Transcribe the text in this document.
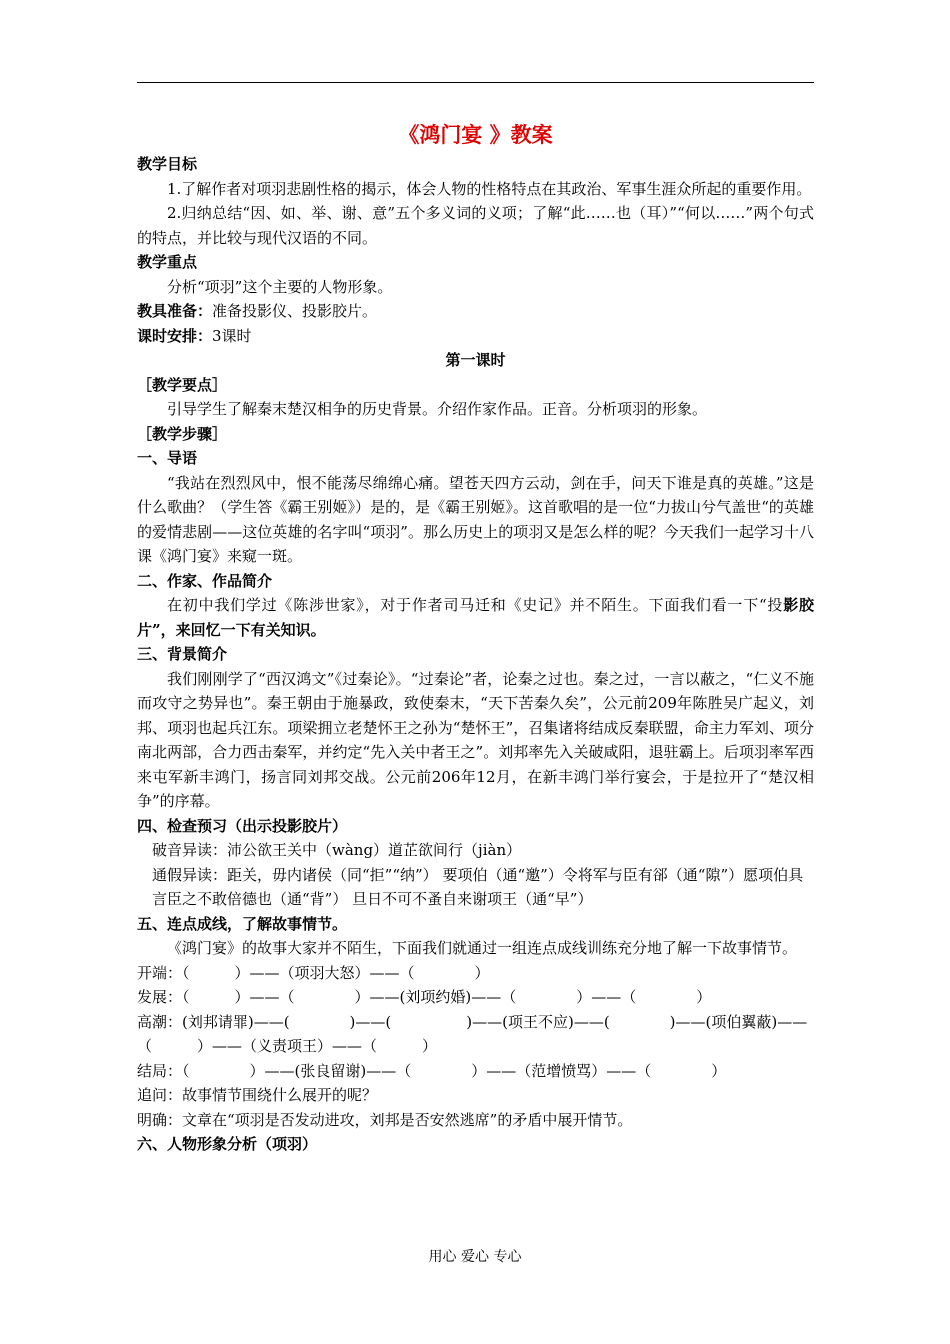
《鸿门宴 》教案
教学目标
1.了解作者对项羽悲剧性格的揭示，体会人物的性格特点在其政治、军事生涯众所起的重要作用。
2.归纳总结“因、如、举、谢、意”五个多义词的义项；了解“此……也（耳）”“何以……”两个句式的特点，并比较与现代汉语的不同。
教学重点
分析“项羽”这个主要的人物形象。
教具准备：准备投影仪、投影胶片。
课时安排：3课时
第一课时
［教学要点］
引导学生了解秦末楚汉相争的历史背景。介绍作家作品。正音。分析项羽的形象。
［教学步骤］
一、导语
“我站在烈烈风中，恨不能荡尽绵绵心痛。望苍天四方云动，剑在手，问天下谁是真的英雄。”这是什么歌曲？（学生答《霸王别姬》）是的，是《霸王别姬》。这首歌唱的是一位“力拔山兮气盖世“的英雄的爱情悲剧——这位英雄的名字叫“项羽”。那么历史上的项羽又是怎么样的呢？今天我们一起学习十八课《鸿门宴》来窥一斑。
二、作家、作品简介
在初中我们学过《陈涉世家》，对于作者司马迁和《史记》并不陌生。下面我们看一下“投影胶片”，来回忆一下有关知识。
三、背景简介
我们刚刚学了“西汉鸿文”《过秦论》。“过秦论”者，论秦之过也。秦之过，一言以蔽之，“仁义不施而攻守之势异也”。秦王朝由于施暴政，致使秦末，“天下苦秦久矣”，公元前209年陈胜吴广起义，刘邦、项羽也起兵江东。项梁拥立老楚怀王之孙为“楚怀王”，召集诸将结成反秦联盟，命主力军刘、项分南北两部，合力西击秦军，并约定“先入关中者王之”。刘邦率先入关破咸阳，退驻霸上。后项羽率军西来屯军新丰鸿门，扬言同刘邦交战。公元前206年12月，在新丰鸿门举行宴会，于是拉开了“楚汉相争”的序幕。
四、检查预习（出示投影胶片）
破音异读：沛公欲王关中（wàng）道芷欲间行（jiàn）
通假异读：距关，毋内诸侯（同“拒”“纳”） 要项伯（通“邀”）令将军与臣有郤（通“隙”）愿项伯具言臣之不敢倍德也（通“背”） 旦日不可不蚤自来谢项王（通“早”）
五、连点成线，了解故事情节。
《鸿门宴》的故事大家并不陌生，下面我们就通过一组连点成线训练充分地了解一下故事情节。
开端：（　　　）——（项羽大怒）——（　　　　）
发展：（　　　）——（　　　　）——(刘项约婚)——（　　　　）——（　　　　）
高潮：(刘邦请罪)——(　　　　)——(　　　　　)——(项王不应)——(　　　　)——(项伯翼蔽)——（　　　）——（义责项王）——（　　　）
结局：（　　　　）——(张良留谢)——（　　　　）——（范增愤骂）——（　　　　）
追问：故事情节围绕什么展开的呢？
明确：文章在“项羽是否发动进攻，刘邦是否安然逃席”的矛盾中展开情节。
六、人物形象分析（项羽）
用心 爱心 专心
